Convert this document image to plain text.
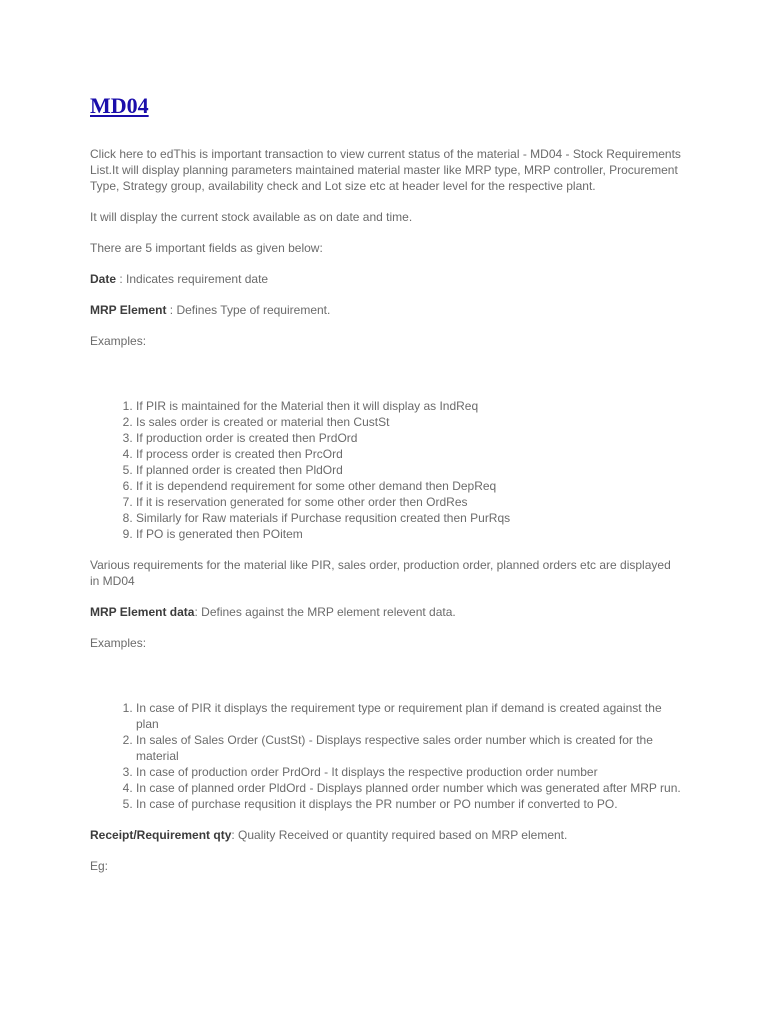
MD04

Click here to edThis is important transaction to view current status of the material - MD04 - Stock Requirements List.It will display planning parameters maintained material master like MRP type, MRP controller, Procurement Type, Strategy group, availability check and Lot size etc at header level for the respective plant.

It will display the current stock available as on date and time.

There are 5 important fields as given below:

Date : Indicates requirement date

MRP Element : Defines Type of requirement.

Examples:

1. If PIR is maintained for the Material then it will display as IndReq
2. Is sales order is created or material then CustSt
3. If production order is created then PrdOrd
4. If process order is created then PrcOrd
5. If planned order is created then PldOrd
6. If it is dependend requirement for some other demand then DepReq
7. If it is reservation generated for some other order then OrdRes
8. Similarly for Raw materials if Purchase requsition created then PurRqs
9. If PO is generated then POitem

Various requirements for the material like PIR, sales order, production order, planned orders etc are displayed in MD04

MRP Element data: Defines against the MRP element relevent data.

Examples:

1. In case of PIR it displays the requirement type or requirement plan if demand is created against the plan
2. In sales of Sales Order (CustSt) - Displays respective sales order number which is created for the material
3. In case of production order PrdOrd - It displays the respective production order number
4. In case of planned order PldOrd - Displays planned order number which was generated after MRP run.
5. In case of purchase requsition it displays the PR number or PO number if converted to PO.

Receipt/Requirement qty: Quality Received or quantity required based on MRP element.

Eg:
